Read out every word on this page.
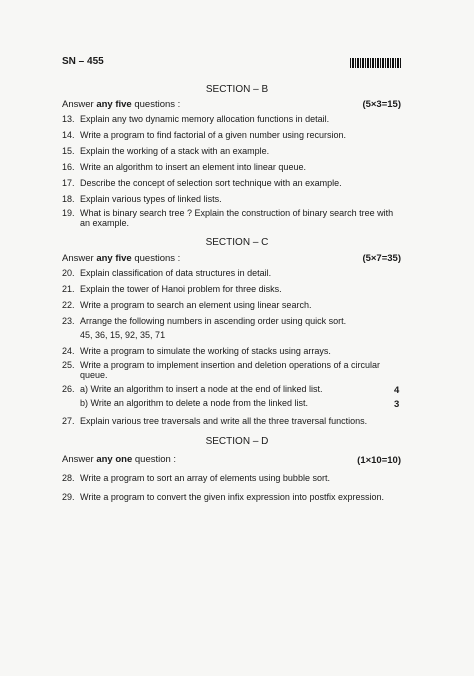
SN – 455
SECTION – B
Answer any five questions :	(5×3=15)
13. Explain any two dynamic memory allocation functions in detail.
14. Write a program to find factorial of a given number using recursion.
15. Explain the working of a stack with an example.
16. Write an algorithm to insert an element into linear queue.
17. Describe the concept of selection sort technique with an example.
18. Explain various types of linked lists.
19. What is binary search tree ? Explain the construction of binary search tree with an example.
SECTION – C
Answer any five questions :	(5×7=35)
20. Explain classification of data structures in detail.
21. Explain the tower of Hanoi problem for three disks.
22. Write a program to search an element using linear search.
23. Arrange the following numbers in ascending order using quick sort.
45, 36, 15, 92, 35, 71
24. Write a program to simulate the working of stacks using arrays.
25. Write a program to implement insertion and deletion operations of a circular queue.
26. a) Write an algorithm to insert a node at the end of linked list.	4
b) Write an algorithm to delete a node from the linked list.	3
27. Explain various tree traversals and write all the three traversal functions.
SECTION – D
Answer any one question :	(1×10=10)
28. Write a program to sort an array of elements using bubble sort.
29. Write a program to convert the given infix expression into postfix expression.
